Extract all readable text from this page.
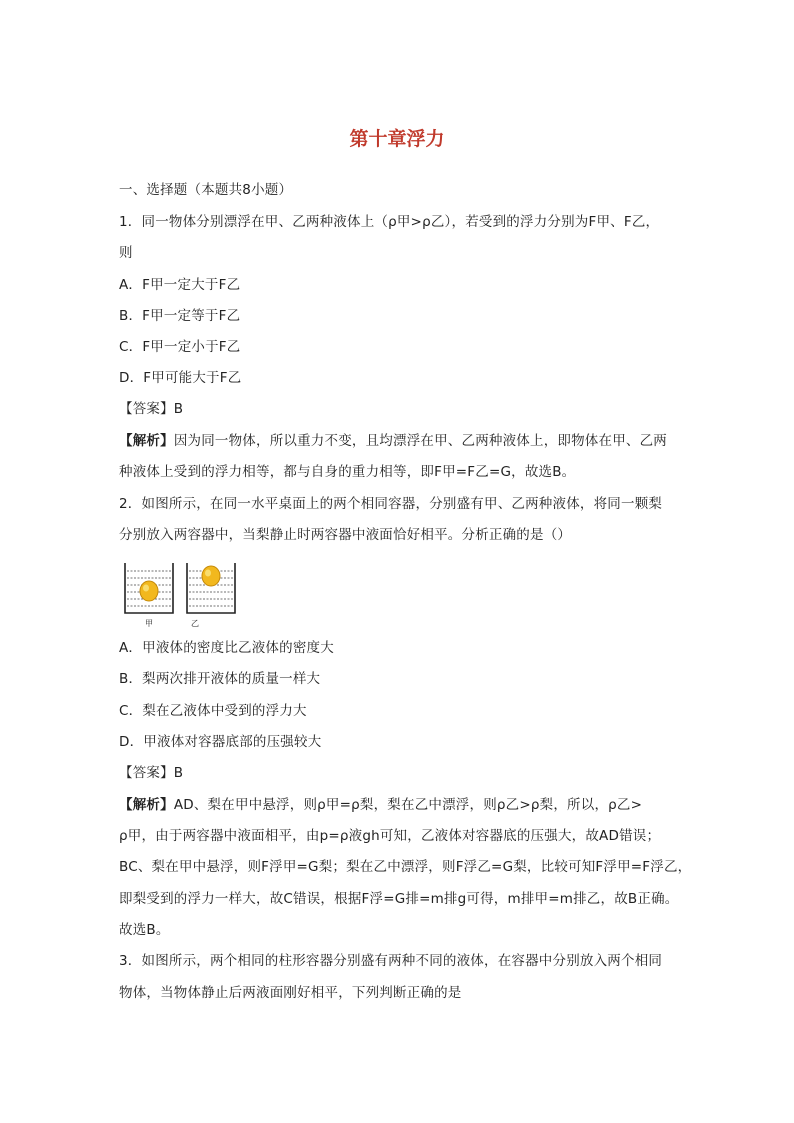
第十章浮力
一、选择题（本题共8小题）
1．同一物体分别漂浮在甲、乙两种液体上（ρ甲>ρ乙），若受到的浮力分别为F甲、F乙，
则
A．F甲一定大于F乙
B．F甲一定等于F乙
C．F甲一定小于F乙
D．F甲可能大于F乙
【答案】B
【解析】因为同一物体，所以重力不变，且均漂浮在甲、乙两种液体上，即物体在甲、乙两
种液体上受到的浮力相等，都与自身的重力相等，即F甲=F乙=G，故选B。
2．如图所示，在同一水平桌面上的两个相同容器，分别盛有甲、乙两种液体，将同一颗梨
分别放入两容器中，当梨静止时两容器中液面恰好相平。分析正确的是（）
甲	乙
A．甲液体的密度比乙液体的密度大
B．梨两次排开液体的质量一样大
C．梨在乙液体中受到的浮力大
D．甲液体对容器底部的压强较大
【答案】B
【解析】AD、梨在甲中悬浮，则ρ甲=ρ梨，梨在乙中漂浮，则ρ乙>ρ梨，所以，ρ乙>
ρ甲，由于两容器中液面相平，由p=ρ液gh可知，乙液体对容器底的压强大，故AD错误；
BC、梨在甲中悬浮，则F浮甲=G梨；梨在乙中漂浮，则F浮乙=G梨，比较可知F浮甲=F浮乙，
即梨受到的浮力一样大，故C错误，根据F浮=G排=m排g可得，m排甲=m排乙，故B正确。
故选B。
3．如图所示，两个相同的柱形容器分别盛有两种不同的液体，在容器中分别放入两个相同
物体，当物体静止后两液面刚好相平，下列判断正确的是
